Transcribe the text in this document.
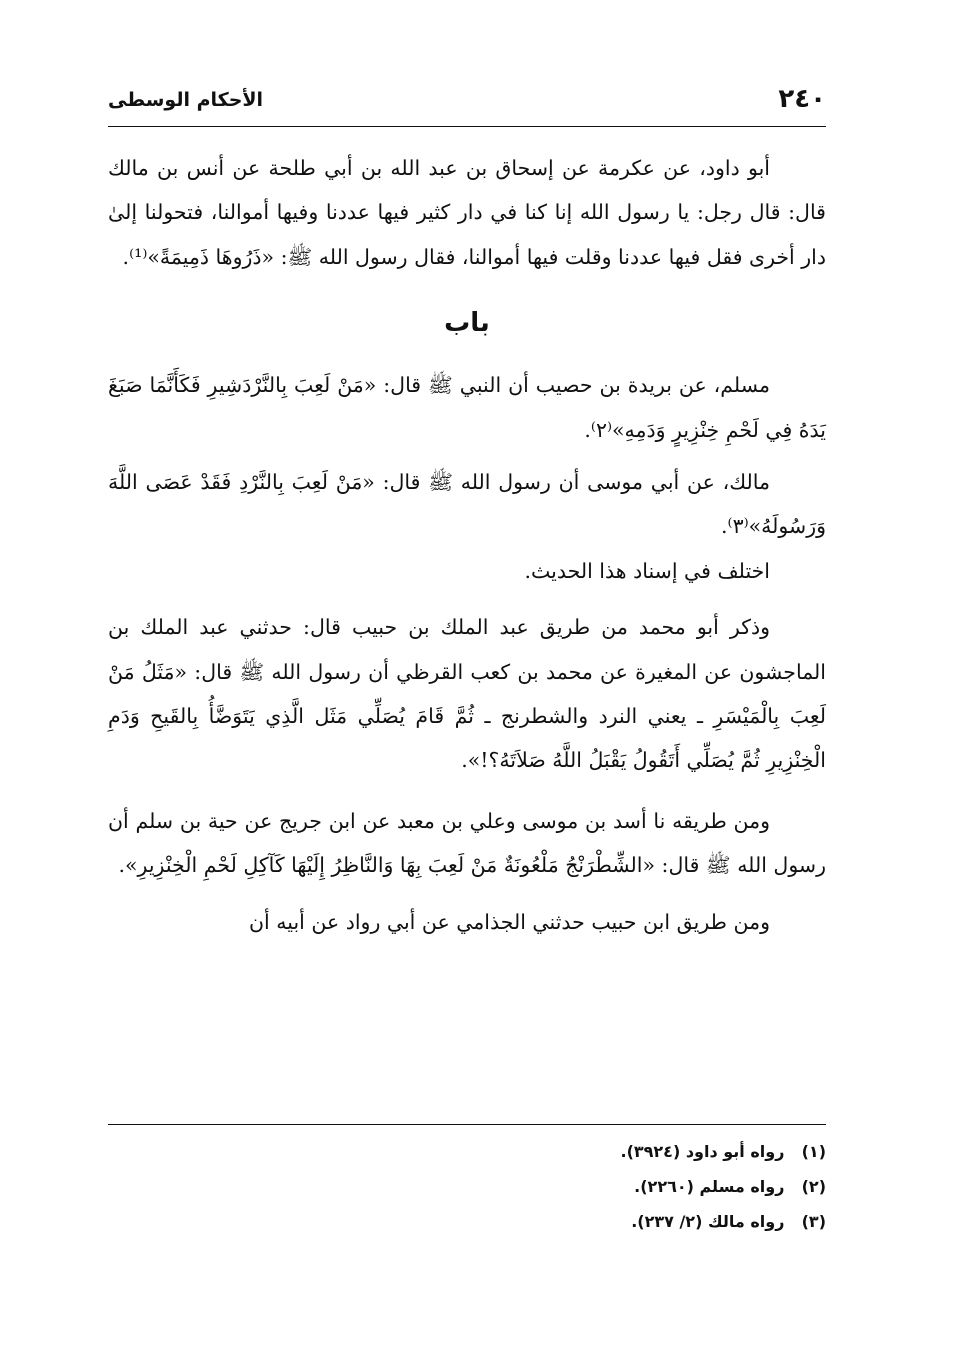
٢٤٠
الأحكام الوسطى

أبو داود، عن عكرمة عن إسحاق بن عبد الله بن أبي طلحة عن أنس بن مالك قال: قال رجل: يا رسول الله إنا كنا في دار كثير فيها عددنا وفيها أموالنا، فتحولنا إلىٰ دار أخرى فقل فيها عددنا وقلت فيها أموالنا، فقال رسول الله ﷺ: «ذَرُوهَا ذَمِيمَةً»⁽¹⁾.

باب

مسلم، عن بريدة بن حصيب أن النبي ﷺ قال: «مَنْ لَعِبَ بِالنَّرْدَشِيرِ فَكَأَنَّمَا صَبَغَ يَدَهُ فِي لَحْمِ خِنْزِيرٍ وَدَمِهِ»⁽٢⁾.

مالك، عن أبي موسى أن رسول الله ﷺ قال: «مَنْ لَعِبَ بِالنَّرْدِ فَقَدْ عَصَى اللَّهَ وَرَسُولَهُ»⁽٣⁾.

اختلف في إسناد هذا الحديث.

وذكر أبو محمد من طريق عبد الملك بن حبيب قال: حدثني عبد الملك بن الماجشون عن المغيرة عن محمد بن كعب القرظي أن رسول الله ﷺ قال: «مَثَلُ مَنْ لَعِبَ بِالْمَيْسَرِ ـ يعني النرد والشطرنج ـ ثُمَّ قَامَ يُصَلِّي مَثَل الَّذِي يَتَوَضَّأُ بِالقَيحِ وَدَمِ الْخِنْزِيرِ ثُمَّ يُصَلِّي أَتَقُولُ يَقْبَلُ اللَّهُ صَلاَتَهُ؟!».

ومن طريقه نا أسد بن موسى وعلي بن معبد عن ابن جريج عن حية بن سلم أن رسول الله ﷺ قال: «الشِّطْرَنْجُ مَلْعُونَةٌ مَنْ لَعِبَ بِهَا وَالنَّاظِرُ إِلَيْهَا كَآكِلِ لَحْمِ الْخِنْزِيرِ».

ومن طريق ابن حبيب حدثني الجذامي عن أبي رواد عن أبيه أن

(١) رواه أبو داود (٣٩٢٤).

(٢) رواه مسلم (٢٢٦٠).

(٣) رواه مالك (٢/ ٢٣٧).
